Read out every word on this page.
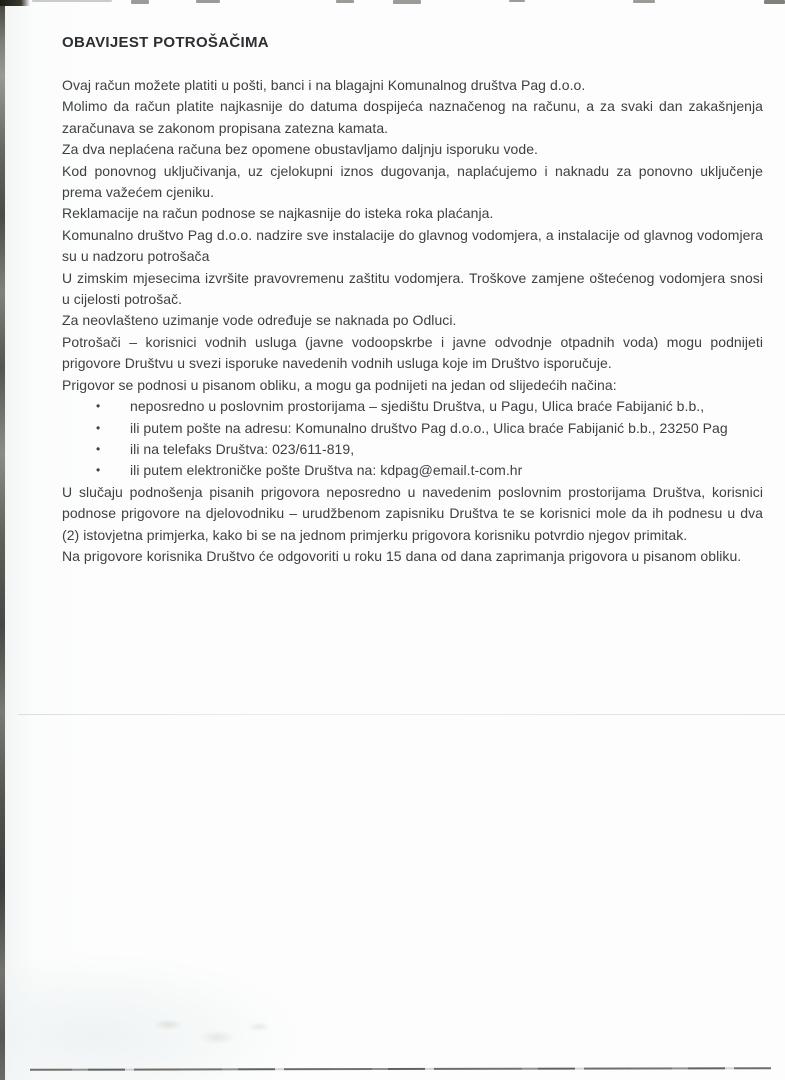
OBAVIJEST POTROŠAČIMA

Ovaj račun možete platiti u pošti, banci i na blagajni Komunalnog društva Pag d.o.o.

Molimo da račun platite najkasnije do datuma dospijeća naznačenog na računu, a za svaki dan zakašnjenja zaračunava se zakonom propisana zatezna kamata.

Za dva neplaćena računa bez opomene obustavljamo daljnju isporuku vode.

Kod ponovnog uključivanja, uz cjelokupni iznos dugovanja, naplaćujemo i naknadu za ponovno uključenje prema važećem cjeniku.

Reklamacije na račun podnose se najkasnije do isteka roka plaćanja.

Komunalno društvo Pag d.o.o. nadzire sve instalacije do glavnog vodomjera, a instalacije od glavnog vodomjera su u nadzoru potrošača

U zimskim mjesecima izvršite pravovremenu zaštitu vodomjera. Troškove zamjene oštećenog vodomjera snosi u cijelosti potrošač.

Za neovlašteno uzimanje vode određuje se naknada po Odluci.

Potrošači – korisnici vodnih usluga (javne vodoopskrbe i javne odvodnje otpadnih voda) mogu podnijeti prigovore Društvu u svezi isporuke navedenih vodnih usluga koje im Društvo isporučuje.

Prigovor se podnosi u pisanom obliku, a mogu ga podnijeti na jedan od slijedećih načina:

• neposredno u poslovnim prostorijama – sjedištu Društva, u Pagu, Ulica braće Fabijanić b.b.,

• ili putem pošte na adresu: Komunalno društvo Pag d.o.o., Ulica braće Fabijanić b.b., 23250 Pag

• ili na telefaks Društva: 023/611-819,

• ili putem elektroničke pošte Društva na: kdpag@email.t-com.hr

U slučaju podnošenja pisanih prigovora neposredno u navedenim poslovnim prostorijama Društva, korisnici podnose prigovore na djelovodniku – urudžbenom zapisniku Društva te se korisnici mole da ih podnesu u dva (2) istovjetna primjerka, kako bi se na jednom primjerku prigovora korisniku potvrdio njegov primitak.

Na prigovore korisnika Društvo će odgovoriti u roku 15 dana od dana zaprimanja prigovora u pisanom obliku.
